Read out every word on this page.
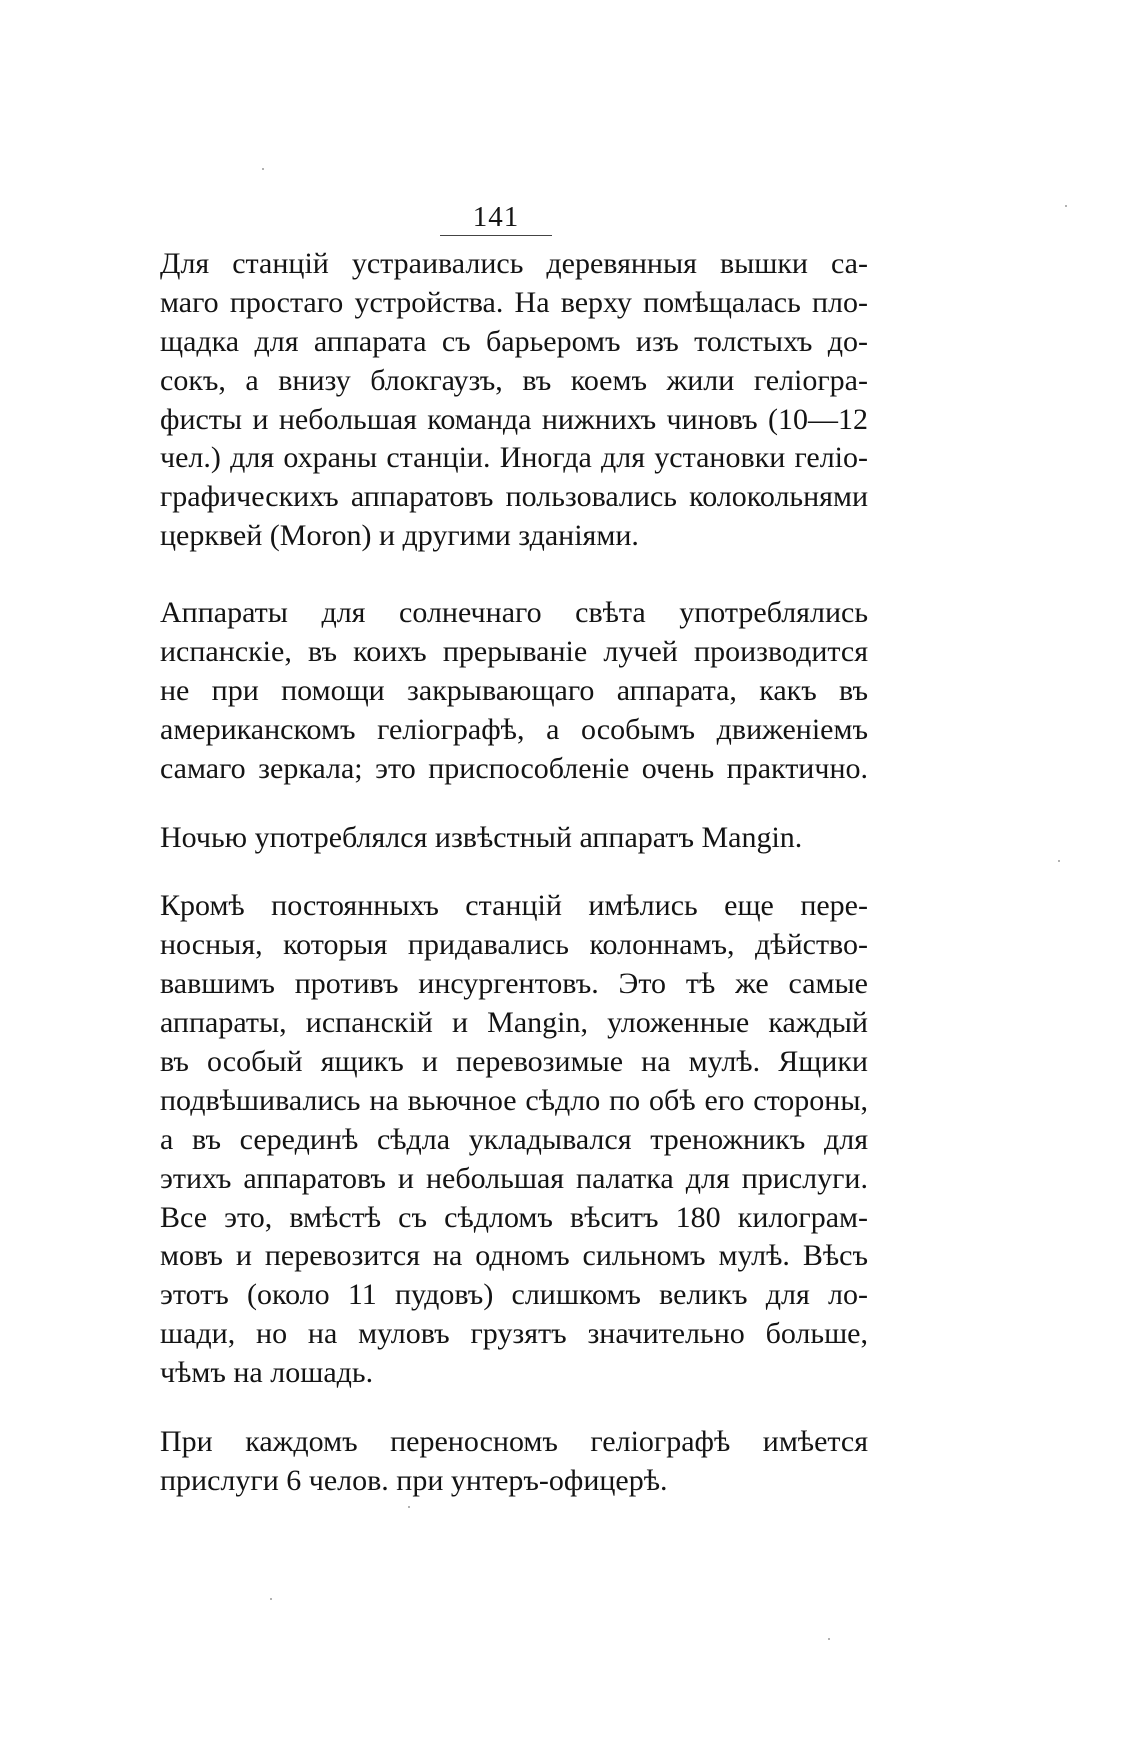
141
Для станцій устраивались деревянныя вышки са-
маго простаго устройства. На верху помѣщалась пло-
щадка для аппарата съ барьеромъ изъ толстыхъ до-
сокъ, а внизу блокгаузъ, въ коемъ жили геліогра-
фисты и небольшая команда нижнихъ чиновъ (10—12
чел.) для охраны станціи. Иногда для установки гелio-
графическихъ аппаратовъ пользовались колокольнями
церквей (Moron) и другими зданіями.
Аппараты для солнечнаго свѣта употреблялись
испанскіе, въ коихъ прерываніе лучей производится
не при помощи закрывающаго аппарата, какъ въ
американскомъ геліографѣ, а особымъ движеніемъ
самаго зеркала; это приспособленіе очень практично.
Ночью употреблялся извѣстный аппаратъ Mangin.
Кромѣ постоянныхъ станцій имѣлись еще пере-
носныя, которыя придавались колоннамъ, дѣйство-
вавшимъ противъ инсургентовъ. Это тѣ же самые
аппараты, испанскій и Mangin, уложенные каждый
въ особый ящикъ и перевозимые на мулѣ. Ящики
подвѣшивались на вьючное сѣдло по обѣ его стороны,
а въ серединѣ сѣдла укладывался треножникъ для
этихъ аппаратовъ и небольшая палатка для прислуги.
Все это, вмѣстѣ съ сѣдломъ вѣситъ 180 килограм-
мовъ и перевозится на одномъ сильномъ мулѣ. Вѣсъ
этотъ (около 11 пудовъ) слишкомъ великъ для ло-
шади, но на муловъ грузятъ значительно больше,
чѣмъ на лошадь.
При каждомъ переносномъ геліографѣ имѣется
прислуги 6 челов. при унтеръ-офицерѣ.
